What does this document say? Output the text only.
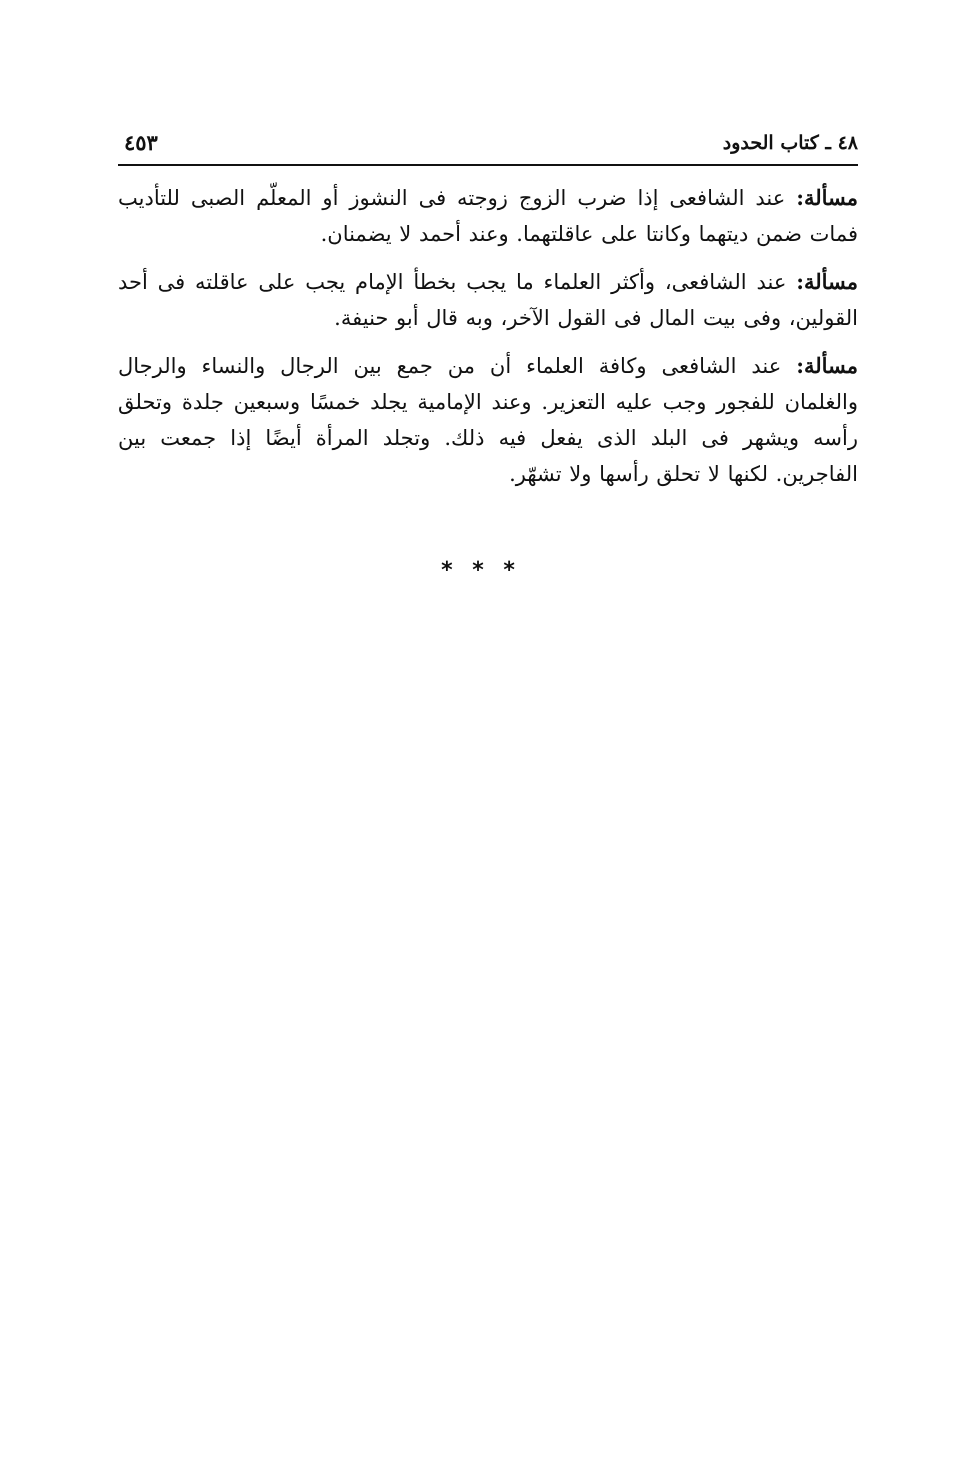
٤٨ ـ كتاب الحدود
٤٥٣

مسألة: عند الشافعى إذا ضرب الزوج زوجته فى النشوز أو المعلّم الصبى للتأديب فمات ضمن ديتهما وكانتا على عاقلتهما. وعند أحمد لا يضمنان.

مسألة: عند الشافعى، وأكثر العلماء ما يجب بخطأ الإمام يجب على عاقلته فى أحد القولين، وفى بيت المال فى القول الآخر، وبه قال أبو حنيفة.

مسألة: عند الشافعى وكافة العلماء أن من جمع بين الرجال والنساء والرجال والغلمان للفجور وجب عليه التعزير. وعند الإمامية يجلد خمسًا وسبعين جلدة وتحلق رأسه ويشهر فى البلد الذى يفعل فيه ذلك. وتجلد المرأة أيضًا إذا جمعت بين الفاجرين. لكنها لا تحلق رأسها ولا تشهّر.

* * *
